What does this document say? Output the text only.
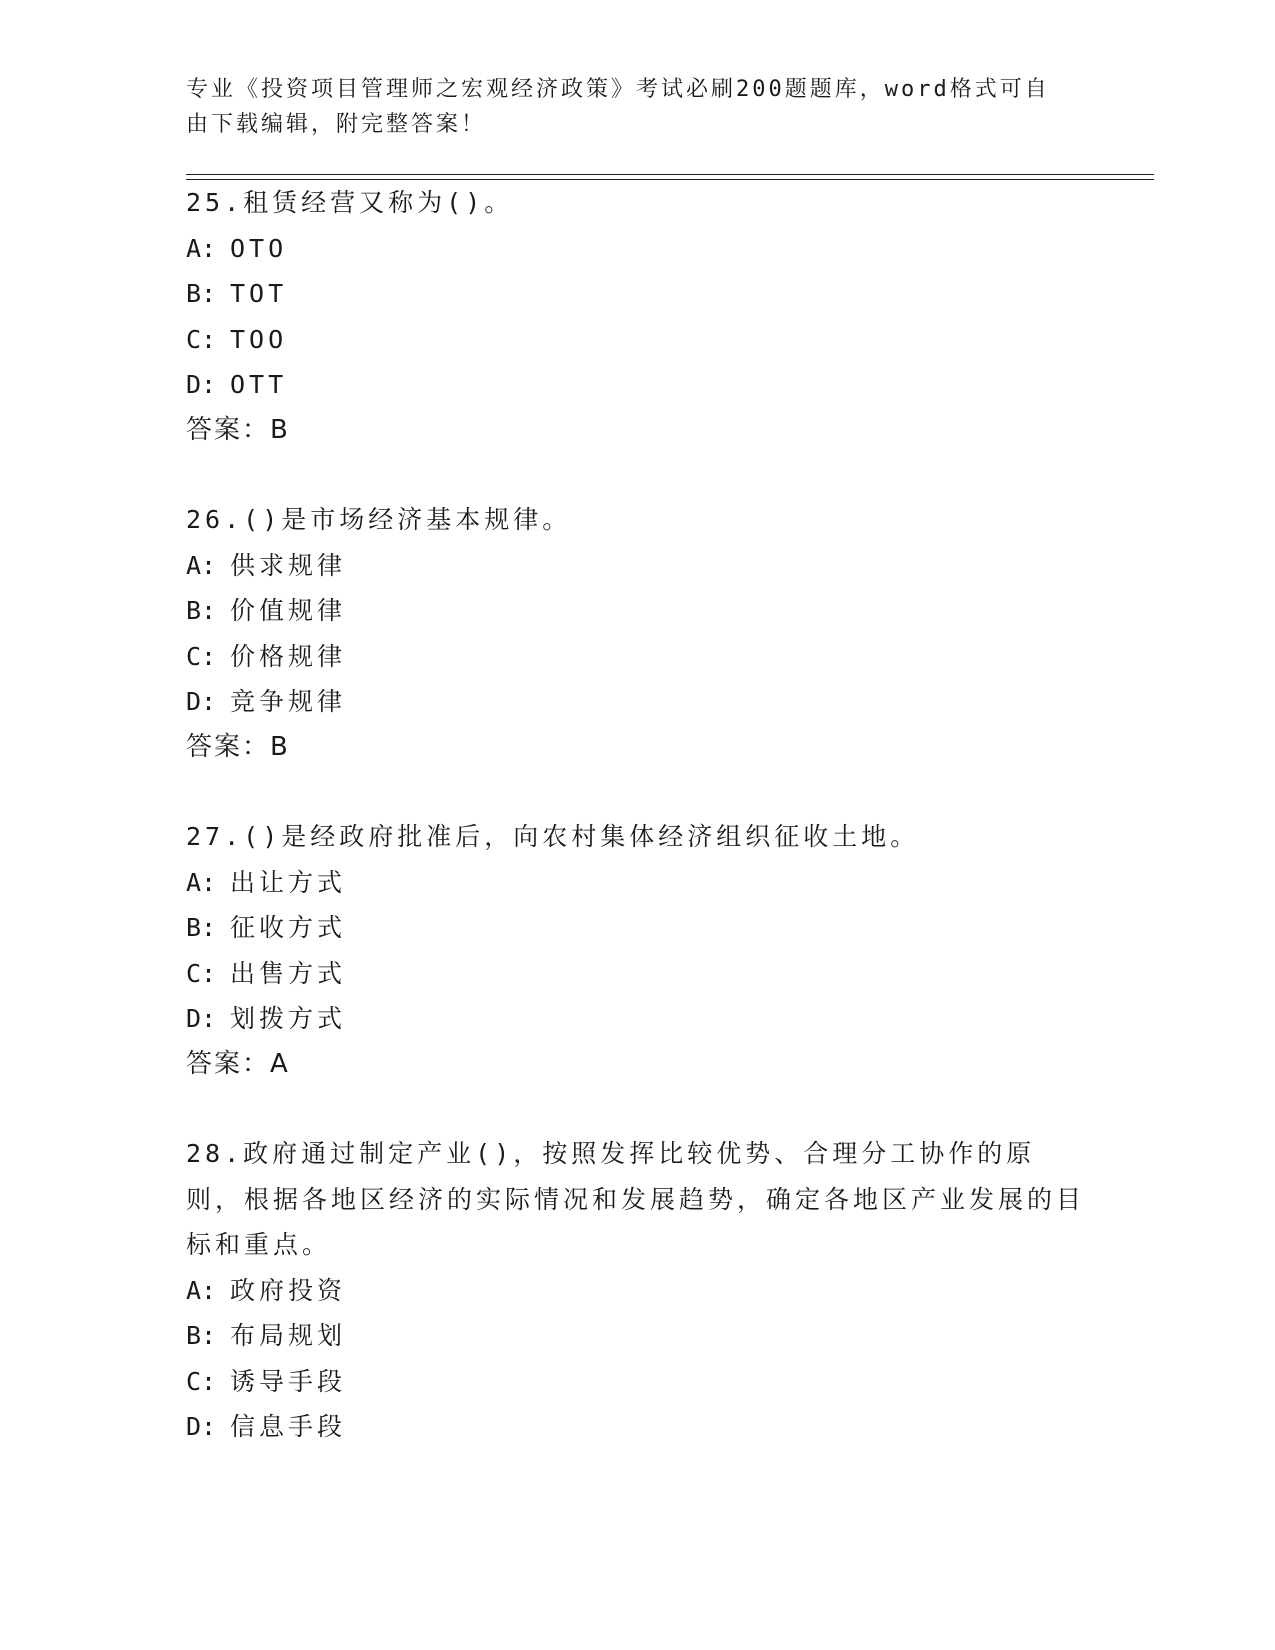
专业《投资项目管理师之宏观经济政策》考试必刷200题题库，word格式可自由下载编辑，附完整答案！

25.租赁经营又称为()。

A: OTO
B: TOT
C: TOO
D: OTT
答案：B

26.()是市场经济基本规律。

A: 供求规律
B: 价值规律
C: 价格规律
D: 竞争规律
答案：B

27.()是经政府批准后，向农村集体经济组织征收土地。

A: 出让方式
B: 征收方式
C: 出售方式
D: 划拨方式
答案：A

28.政府通过制定产业()，按照发挥比较优势、合理分工协作的原则，根据各地区经济的实际情况和发展趋势，确定各地区产业发展的目标和重点。

A: 政府投资
B: 布局规划
C: 诱导手段
D: 信息手段
